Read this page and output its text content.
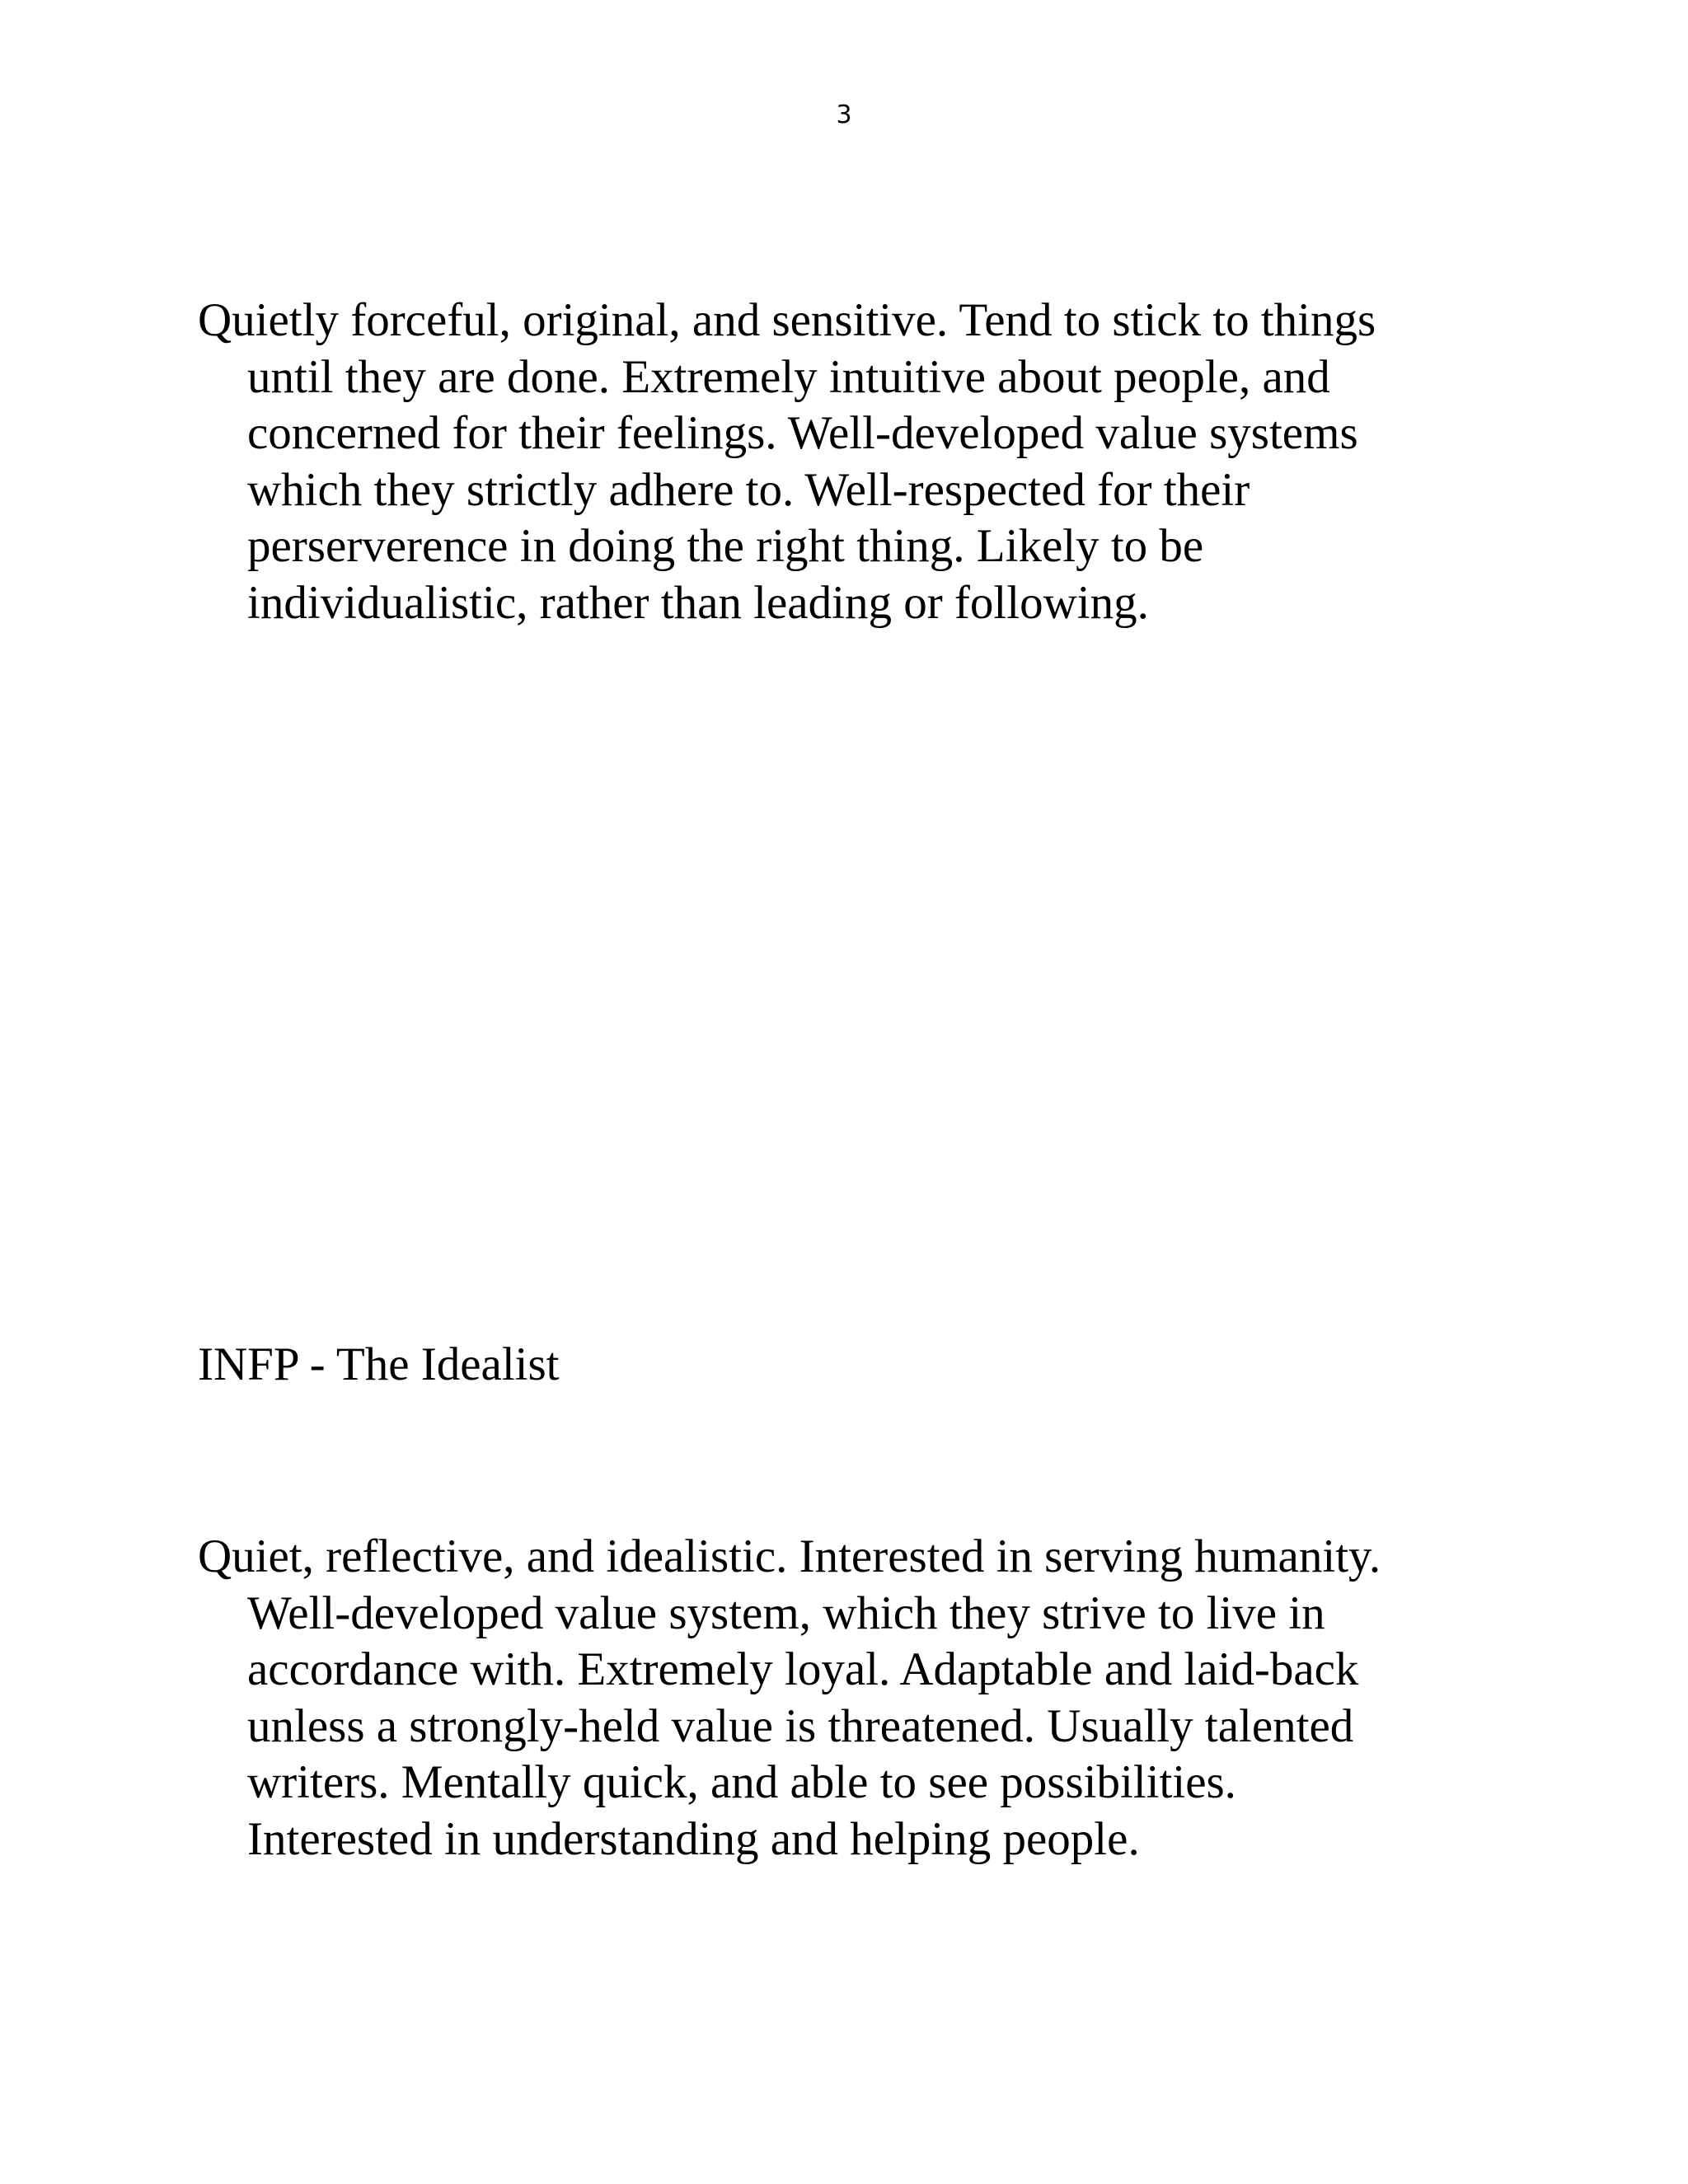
3
Quietly forceful, original, and sensitive. Tend to stick to things
until they are done. Extremely intuitive about people, and
concerned for their feelings. Well-developed value systems
which they strictly adhere to. Well-respected for their
perserverence in doing the right thing. Likely to be
individualistic, rather than leading or following.
INFP - The Idealist
Quiet, reflective, and idealistic. Interested in serving humanity.
Well-developed value system, which they strive to live in
accordance with. Extremely loyal. Adaptable and laid-back
unless a strongly-held value is threatened. Usually talented
writers. Mentally quick, and able to see possibilities.
Interested in understanding and helping people.
